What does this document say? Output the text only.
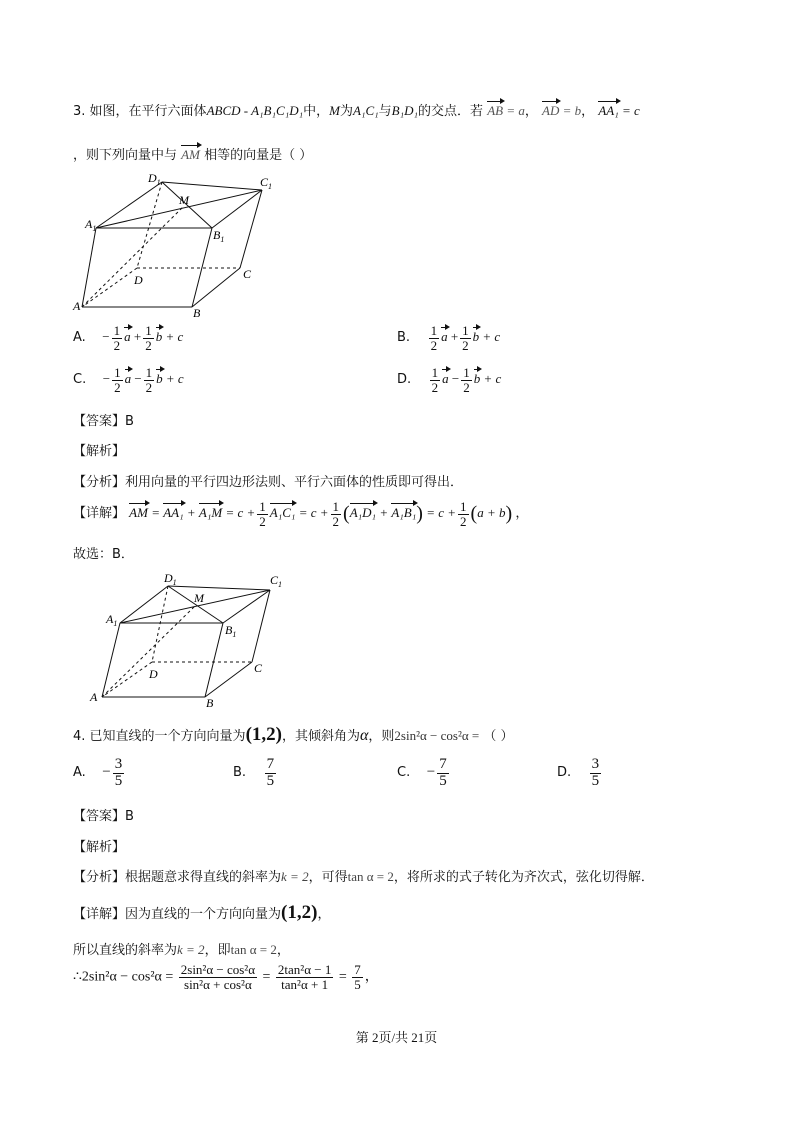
3. 如图，在平行六面体ABCD - A₁B₁C₁D₁中，M为A₁C₁与B₁D₁的交点．若 AB = a， AD = b， AA₁ = c
，则下列向量中与 AM 相等的向量是（ ）
$D_1$	$C_1$
M
$A_1$	$B_1$
C
D
A	B
A. − $\frac{1}{2}$ $a + \frac{1}{2}$ b + c	B. $\frac{1}{2}$ $a + \frac{1}{2}$ b + c
C. − $\frac{1}{2}$ $a - \frac{1}{2}$ b + c	D. $\frac{1}{2}$ $a - \frac{1}{2}$ b + c
【答案】B
【解析】
【分析】利用向量的平行四边形法则、平行六面体的性质即可得出．
【详解】 AM = $AA_1 + A_1M = c + \frac{1}{2} A_1C_1 = c + \frac{1}{2} (A_1D_1 + A_1B_1) = c + \frac{1}{2} (a + b)$ ，
故选：B．
$D_1$	$C_1$
M
$A_1$	$B_1$
C
D
A	B
4. 已知直线的一个方向向量为(1,2)，其倾斜角为α，则2sin²α − cos²α = （ ）
A. − $\frac{3}{5}$	B. $\frac{7}{5}$	C. − $\frac{7}{5}$	D. $\frac{3}{5}$
【答案】B
【解析】
【分析】根据题意求得直线的斜率为k = 2，可得tan α = 2，将所求的式子转化为齐次式，弦化切得解．
【详解】因为直线的一个方向向量为(1,2)，
所以直线的斜率为k = 2，即tan α = 2，
∴2sin²α − $\cos^2\alpha = \frac{\text{2sin²α − cos²α}}{\text{sin²α + cos²α}} = \frac{\text{2tan²α − 1}}{\text{tan²α + 1}} = \frac{7}{5}$ ，
第 2页/共 21页
